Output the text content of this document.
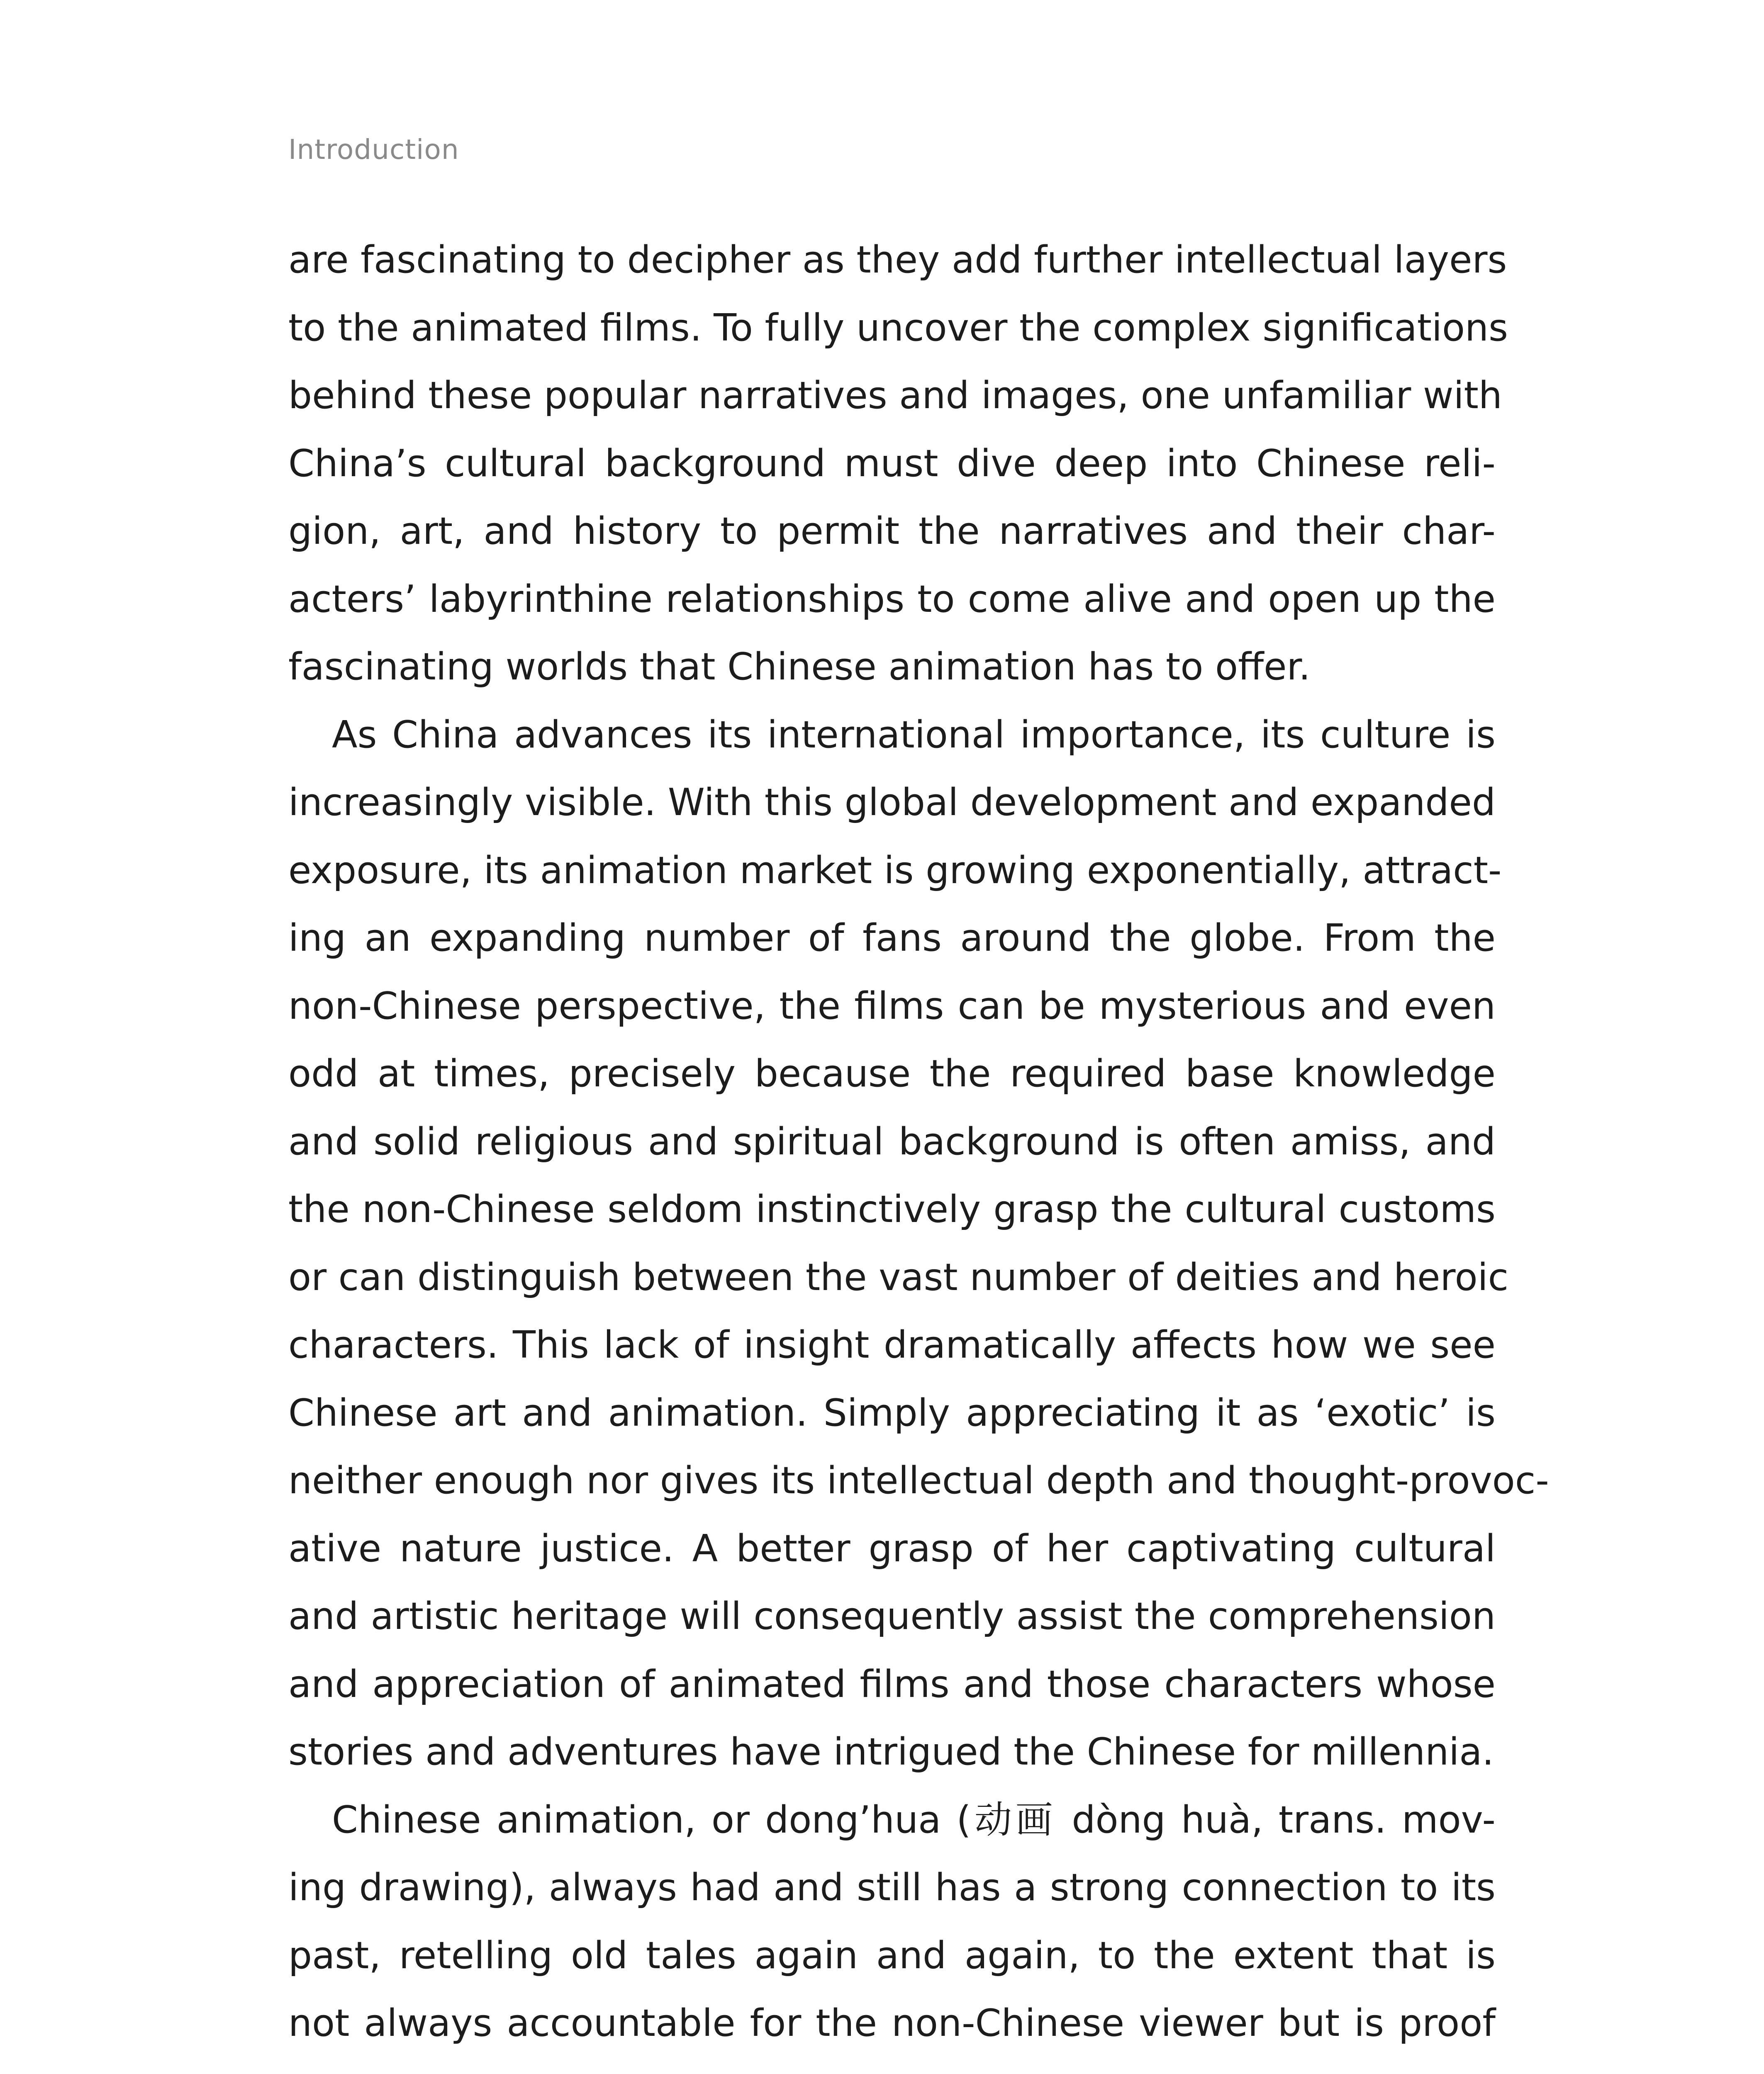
Introduction
are fascinating to decipher as they add further intellectual layers
to the animated films. To fully uncover the complex significations
behind these popular narratives and images, one unfamiliar with
China’s cultural background must dive deep into Chinese reli-
gion, art, and history to permit the narratives and their char-
acters’ labyrinthine relationships to come alive and open up the
fascinating worlds that Chinese animation has to offer.
As China advances its international importance, its culture is
increasingly visible. With this global development and expanded
exposure, its animation market is growing exponentially, attract-
ing an expanding number of fans around the globe. From the
non-Chinese perspective, the films can be mysterious and even
odd at times, precisely because the required base knowledge
and solid religious and spiritual background is often amiss, and
the non-Chinese seldom instinctively grasp the cultural customs
or can distinguish between the vast number of deities and heroic
characters. This lack of insight dramatically affects how we see
Chinese art and animation. Simply appreciating it as ‘exotic’ is
neither enough nor gives its intellectual depth and thought-provoc-
ative nature justice. A better grasp of her captivating cultural
and artistic heritage will consequently assist the comprehension
and appreciation of animated films and those characters whose
stories and adventures have intrigued the Chinese for millennia.
Chinese animation, or dong’hua (动画 dòng huà, trans. mov-
ing drawing), always had and still has a strong connection to its
past, retelling old tales again and again, to the extent that is
not always accountable for the non-Chinese viewer but is proof
